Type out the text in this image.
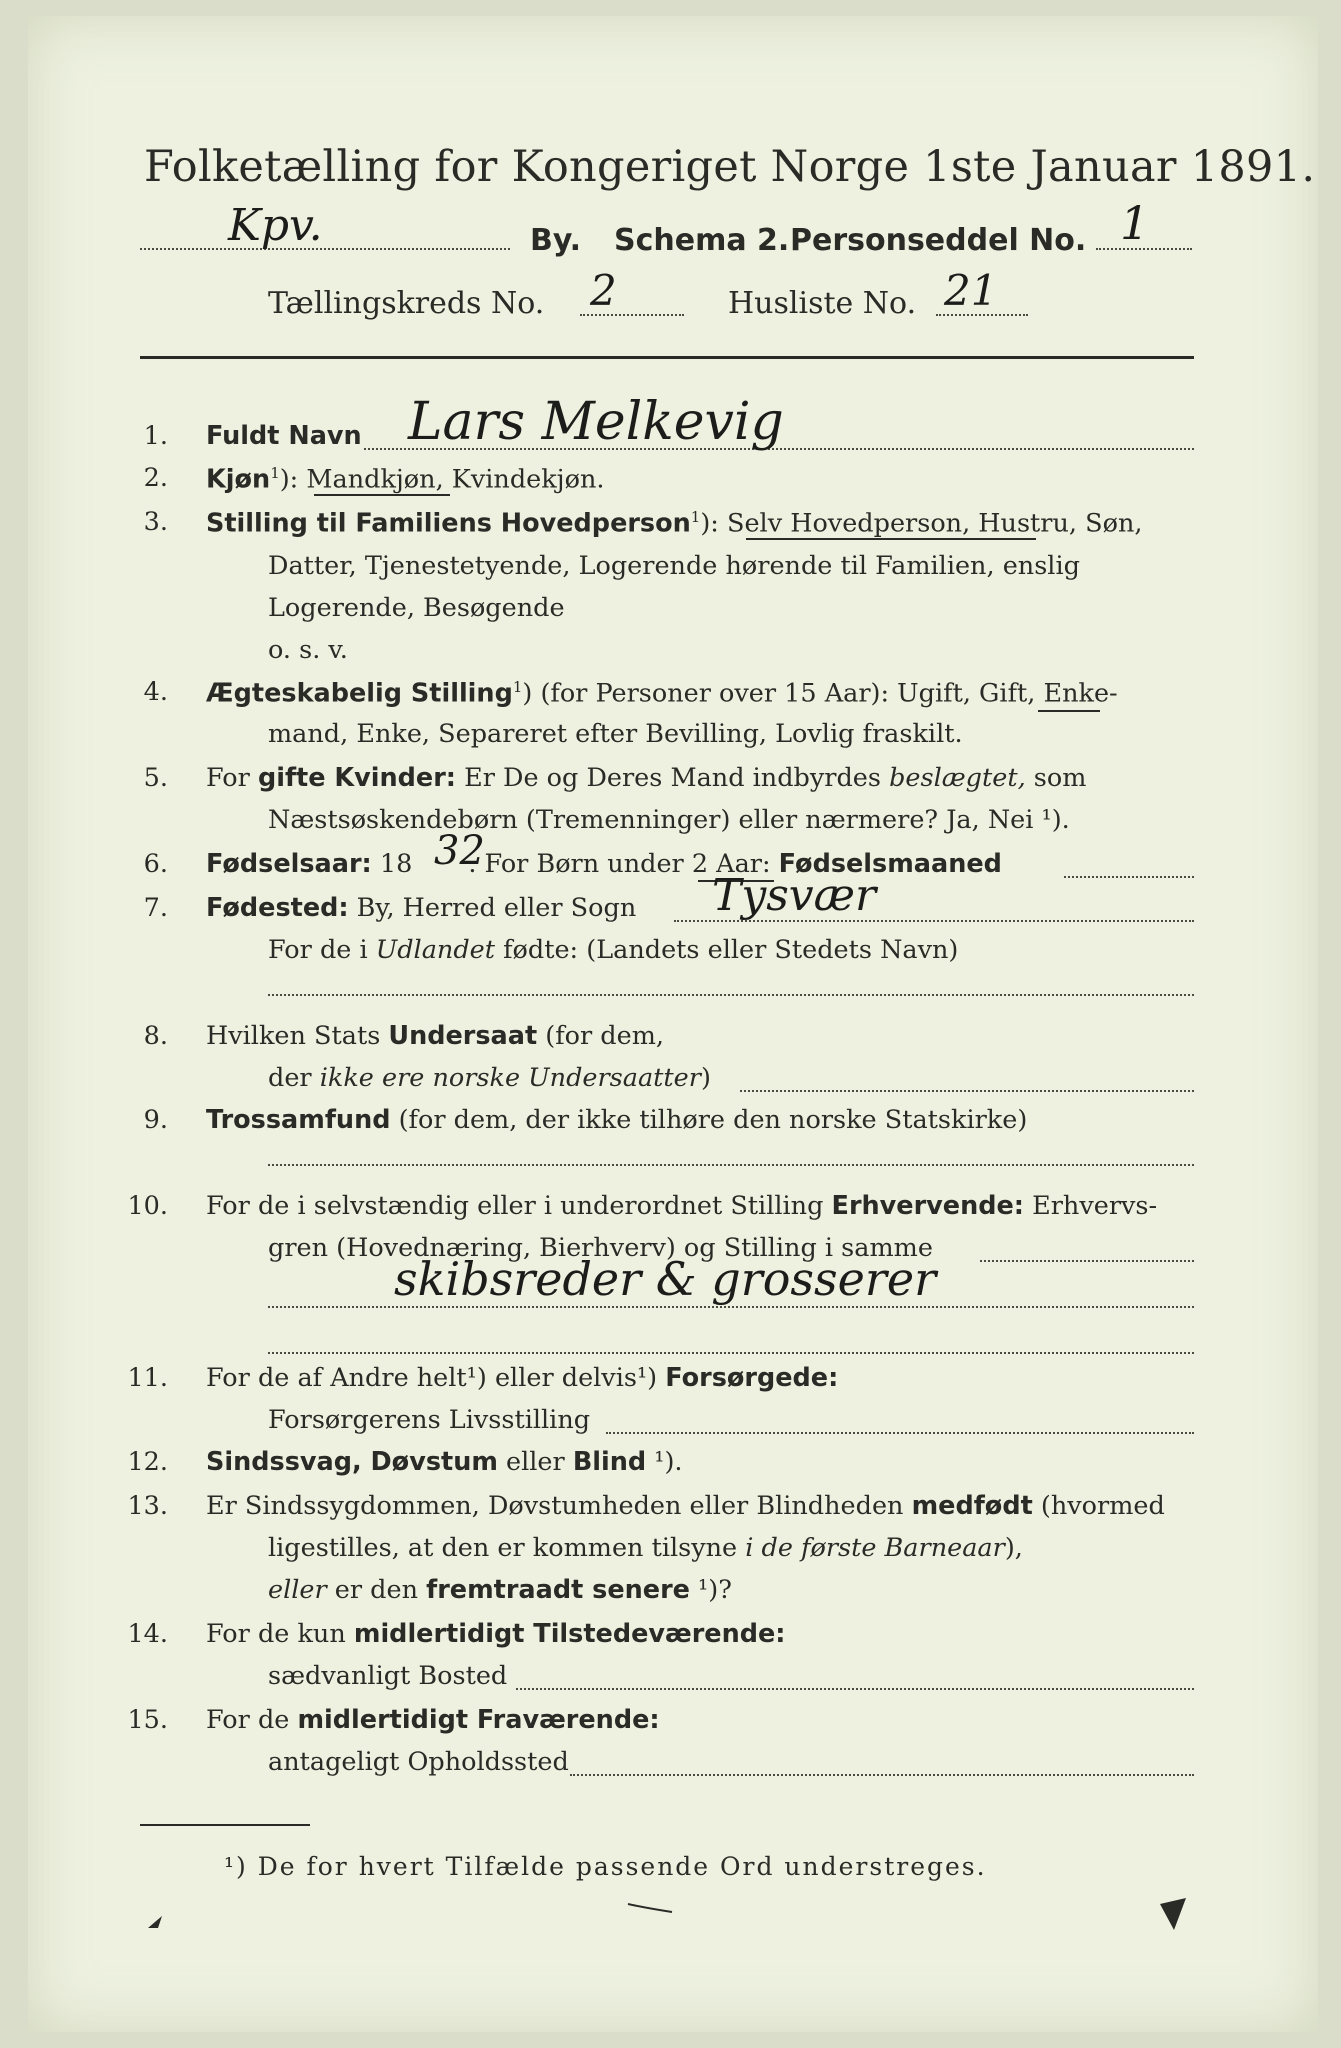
Folketælling for Kongeriget Norge 1ste Januar 1891.
Kpv.	By. Schema 2. Personseddel No. 1
Tællingskreds No. 2	Husliste No. 21
1. Fuldt Navn Lars Melkevig
2. Kjøn$^1$): Mandkjøn, Kvindekjøn.
3. Stilling til Familiens Hovedperson$^1$): Selv Hovedperson, Hustru, Søn,
Datter, Tjenestetyende, Logerende hørende til Familien, enslig
Logerende, Besøgende
o. s. v.
4. Ægteskabelig Stilling$^1$) (for Personer over 15 Aar): Ugift, Gift, Enke-
mand, Enke, Separeret efter Bevilling, Lovlig fraskilt.
5. For gifte Kvinder: Er De og Deres Mand indbyrdes beslægtet, som
Næstsøskendebørn (Tremenninger) eller nærmere? Ja, Nei ¹).
6. Fødselsaar: 18 . For Børn under 2 Aar: Fødselsmaaned
32
7. Fødested: By, Herred eller Sogn Tysvær
For de i Udlandet fødte: (Landets eller Stedets Navn)
8. Hvilken Stats Undersaat (for dem,
der ikke ere norske Undersaatter)
9. Trossamfund (for dem, der ikke tilhøre den norske Statskirke)
10. For de i selvstændig eller i underordnet Stilling Erhvervende: Erhvervs-
gren (Hovednæring, Bierhverv) og Stilling i samme
skibsreder & grosserer
11. For de af Andre helt¹) eller delvis¹) Forsørgede:
Forsørgerens Livsstilling
12. Sindssvag, Døvstum eller Blind ¹).
13. Er Sindssygdommen, Døvstumheden eller Blindheden medfødt (hvormed
ligestilles, at den er kommen tilsyne i de første Barneaar),
eller er den fremtraadt senere ¹)?
14. For de kun midlertidigt Tilstedeværende:
sædvanligt Bosted
15. For de midlertidigt Fraværende:
antageligt Opholdssted
¹) De for hvert Tilfælde passende Ord understreges.
